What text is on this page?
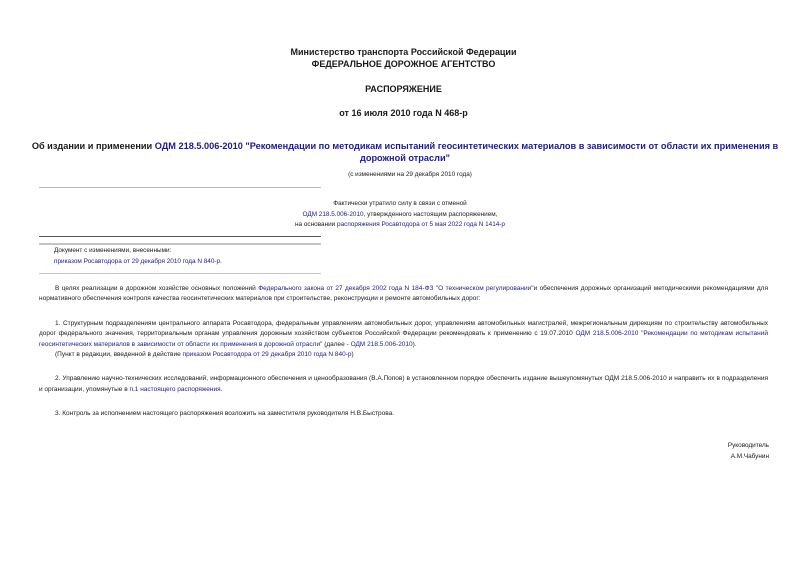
Министерство транспорта Российской Федерации
ФЕДЕРАЛЬНОЕ ДОРОЖНОЕ АГЕНТСТВО
РАСПОРЯЖЕНИЕ
от 16 июля 2010 года N 468-р
Об издании и применении ОДМ 218.5.006-2010 "Рекомендации по методикам испытаний геосинтетических материалов в зависимости от области их применения в
дорожной отрасли"
(с изменениями на 29 декабря 2010 года)
Фактически утратило силу в связи с отменой
ОДМ 218.5.006-2010, утвержденного настоящим распоряжением,
на основании распоряжения Росавтодора от 5 мая 2022 года N 1414-р
Документ с изменениями, внесенными:
приказом Росавтодора от 29 декабря 2010 года N 840-р.

В целях реализации в дорожном хозяйстве основных положений Федерального закона от 27 декабря 2002 года N 184-ФЗ "О техническом регулировании"и обеспечения дорожных организаций методическими рекомендациями для нормативного обеспечения контроля качества геосинтетических материалов при строительстве, реконструкции и ремонте автомобильных дорог:

1. Структурным подразделениям центрального аппарата Росавтодора, федеральным управлениям автомобильных дорог, управлениям автомобильных магистралей, межрегиональным дирекциям по строительству автомобильных дорог федерального значения, территориальным органам управления дорожным хозяйством субъектов Российской Федерации рекомендовать к применению с 19.07.2010 ОДМ 218.5.006-2010 "Рекомендации по методикам испытаний геосинтетических материалов в зависимости от области их применения в дорожной отрасли" (далее - ОДМ 218.5.006-2010).

(Пункт в редакции, введенной в действие приказом Росавтодора от 29 декабря 2010 года N 840-р)

2. Управлению научно-технических исследований, информационного обеспечения и ценообразования (В.А.Попов) в установленном порядке обеспечить издание вышеупомянутых ОДМ 218.5.006-2010 и направить их в подразделения и организации, упомянутые в п.1 настоящего распоряжения.

3. Контроль за исполнением настоящего распоряжения возложить на заместителя руководителя Н.В.Быстрова.

Руководитель
А.М.Чабунин
